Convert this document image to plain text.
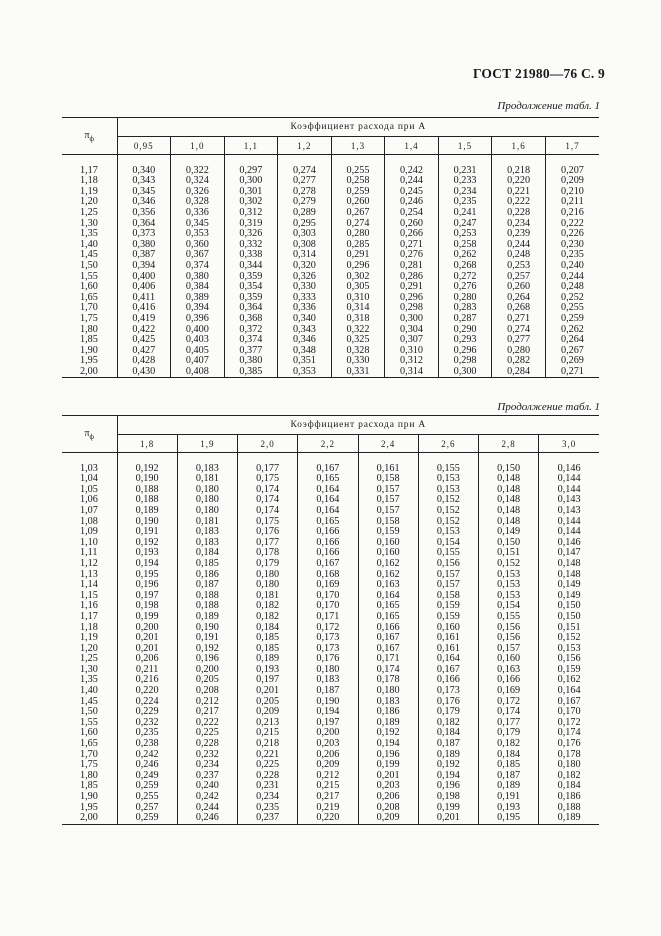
ГОСТ 21980—76 С. 9
Продолжение табл. 1
$\pi_ф$	Коэффициент расхода при A								
	0,95	1,0	1,1	1,2	1,3	1,4	1,5	1,6	1,7

1,17	0,340	0,322	0,297	0,274	0,255	0,242	0,231	0,218	0,207
1,18	0,343	0,324	0,300	0,277	0,258	0,244	0,233	0,220	0,209
1,19	0,345	0,326	0,301	0,278	0,259	0,245	0,234	0,221	0,210
1,20	0,346	0,328	0,302	0,279	0,260	0,246	0,235	0,222	0,211
1,25	0,356	0,336	0,312	0,289	0,267	0,254	0,241	0,228	0,216
1,30	0,364	0,345	0,319	0,295	0,274	0,260	0,247	0,234	0,222
1,35	0,373	0,353	0,326	0,303	0,280	0,266	0,253	0,239	0,226
1,40	0,380	0,360	0,332	0,308	0,285	0,271	0,258	0,244	0,230
1,45	0,387	0,367	0,338	0,314	0,291	0,276	0,262	0,248	0,235
1,50	0,394	0,374	0,344	0,320	0,296	0,281	0,268	0,253	0,240
1,55	0,400	0,380	0,359	0,326	0,302	0,286	0,272	0,257	0,244
1,60	0,406	0,384	0,354	0,330	0,305	0,291	0,276	0,260	0,248
1,65	0,411	0,389	0,359	0,333	0,310	0,296	0,280	0,264	0,252
1,70	0,416	0,394	0,364	0,336	0,314	0,298	0,283	0,268	0,255
1,75	0,419	0,396	0,368	0,340	0,318	0,300	0,287	0,271	0,259
1,80	0,422	0,400	0,372	0,343	0,322	0,304	0,290	0,274	0,262
1,85	0,425	0,403	0,374	0,346	0,325	0,307	0,293	0,277	0,264
1,90	0,427	0,405	0,377	0,348	0,328	0,310	0,296	0,280	0,267
1,95	0,428	0,407	0,380	0,351	0,330	0,312	0,298	0,282	0,269
2,00	0,430	0,408	0,385	0,353	0,331	0,314	0,300	0,284	0,271
Продолжение табл. 1
$\pi_ф$	Коэффициент расхода при A							
	1,8	1,9	2,0	2,2	2,4	2,6	2,8	3,0

1,03	0,192	0,183	0,177	0,167	0,161	0,155	0,150	0,146
1,04	0,190	0,181	0,175	0,165	0,158	0,153	0,148	0,144
1,05	0,188	0,180	0,174	0,164	0,157	0,153	0,148	0,144
1,06	0,188	0,180	0,174	0,164	0,157	0,152	0,148	0,143
1,07	0,189	0,180	0,174	0,164	0,157	0,152	0,148	0,143
1,08	0,190	0,181	0,175	0,165	0,158	0,152	0,148	0,144
1,09	0,191	0,183	0,176	0,166	0,159	0,153	0,149	0,144
1,10	0,192	0,183	0,177	0,166	0,160	0,154	0,150	0,146
1,11	0,193	0,184	0,178	0,166	0,160	0,155	0,151	0,147
1,12	0,194	0,185	0,179	0,167	0,162	0,156	0,152	0,148
1,13	0,195	0,186	0,180	0,168	0,162	0,157	0,153	0,148
1,14	0,196	0,187	0,180	0,169	0,163	0,157	0,153	0,149
1,15	0,197	0,188	0,181	0,170	0,164	0,158	0,153	0,149
1,16	0,198	0,188	0,182	0,170	0,165	0,159	0,154	0,150
1,17	0,199	0,189	0,182	0,171	0,165	0,159	0,155	0,150
1,18	0,200	0,190	0,184	0,172	0,166	0,160	0,156	0,151
1,19	0,201	0,191	0,185	0,173	0,167	0,161	0,156	0,152
1,20	0,201	0,192	0,185	0,173	0,167	0,161	0,157	0,153
1,25	0,206	0,196	0,189	0,176	0,171	0,164	0,160	0,156
1,30	0,211	0,200	0,193	0,180	0,174	0,167	0,163	0,159
1,35	0,216	0,205	0,197	0,183	0,178	0,166	0,166	0,162
1,40	0,220	0,208	0,201	0,187	0,180	0,173	0,169	0,164
1,45	0,224	0,212	0,205	0,190	0,183	0,176	0,172	0,167
1,50	0,229	0,217	0,209	0,194	0,186	0,179	0,174	0,170
1,55	0,232	0,222	0,213	0,197	0,189	0,182	0,177	0,172
1,60	0,235	0,225	0,215	0,200	0,192	0,184	0,179	0,174
1,65	0,238	0,228	0,218	0,203	0,194	0,187	0,182	0,176
1,70	0,242	0,232	0,221	0,206	0,196	0,189	0,184	0,178
1,75	0,246	0,234	0,225	0,209	0,199	0,192	0,185	0,180
1,80	0,249	0,237	0,228	0,212	0,201	0,194	0,187	0,182
1,85	0,259	0,240	0,231	0,215	0,203	0,196	0,189	0,184
1,90	0,255	0,242	0,234	0,217	0,206	0,198	0,191	0,186
1,95	0,257	0,244	0,235	0,219	0,208	0,199	0,193	0,188
2,00	0,259	0,246	0,237	0,220	0,209	0,201	0,195	0,189
